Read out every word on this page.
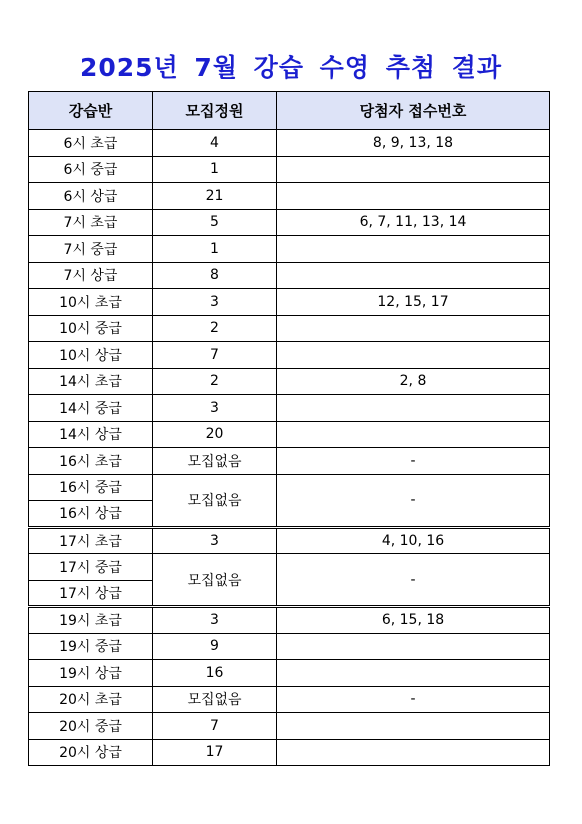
2025년 7월 강습 수영 추첨 결과
강습반	모집정원	당첨자 접수번호
6시 초급	4	8, 9, 13, 18
6시 중급	1	
6시 상급	21	
7시 초급	5	6, 7, 11, 13, 14
7시 중급	1	
7시 상급	8	
10시 초급	3	12, 15, 17
10시 중급	2	
10시 상급	7	
14시 초급	2	2, 8
14시 중급	3	
14시 상급	20	
16시 초급	모집없음	-
16시 중급	모집없음	-
16시 상급		
17시 초급	3	4, 10, 16
17시 중급	모집없음	-
17시 상급		
19시 초급	3	6, 15, 18
19시 중급	9	
19시 상급	16	
20시 초급	모집없음	-
20시 중급	7	
20시 상급	17	
